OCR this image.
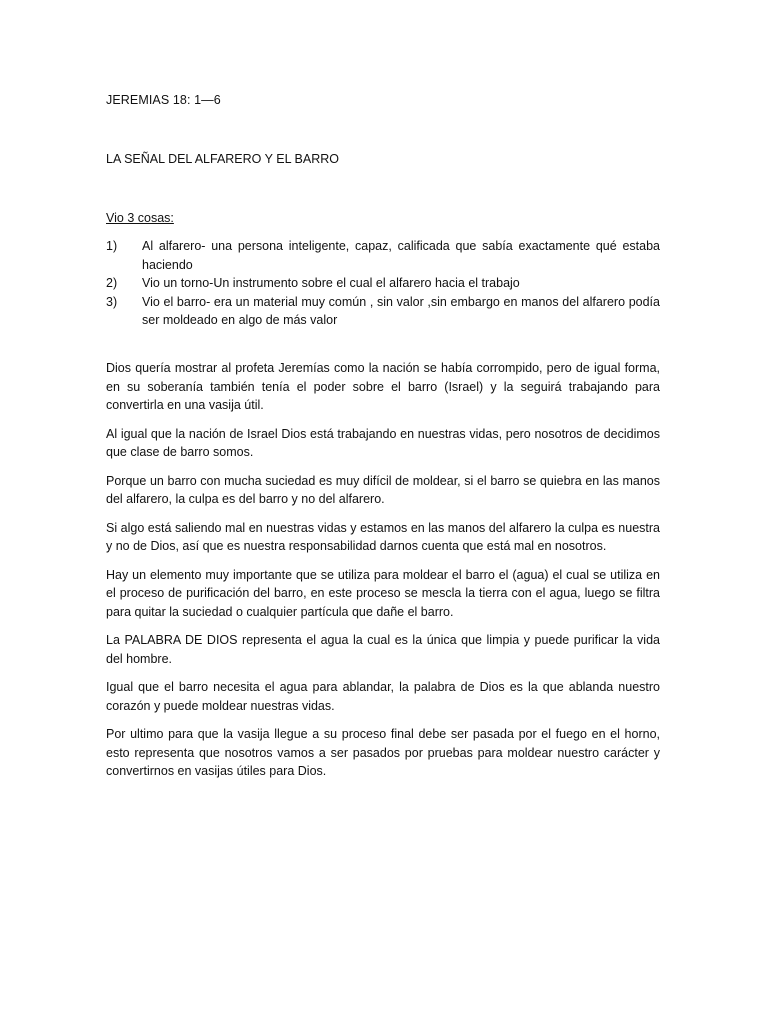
JEREMIAS 18: 1—6
LA SEÑAL DEL ALFARERO Y EL BARRO
Vio 3 cosas:
1)	Al alfarero- una persona inteligente, capaz, calificada que sabía exactamente qué estaba haciendo
2)	Vio un torno-Un instrumento sobre el cual el alfarero hacia el trabajo
3)	Vio el barro- era un material muy común , sin valor ,sin embargo en manos del alfarero podía ser moldeado en algo de más valor

Dios quería mostrar al profeta Jeremías como la nación se había corrompido, pero de igual forma, en su soberanía también tenía el poder sobre el barro (Israel) y la seguirá trabajando para convertirla en una vasija útil.

Al igual que la nación de Israel Dios está trabajando en nuestras vidas, pero nosotros de decidimos que clase de barro somos.

Porque un barro con mucha suciedad es muy difícil de moldear, si el barro se quiebra en las manos del alfarero, la culpa es del barro y no del alfarero.

Si algo está saliendo mal en nuestras vidas y estamos en las manos del alfarero la culpa es nuestra y no de Dios, así que es nuestra responsabilidad darnos cuenta que está mal en nosotros.

Hay un elemento muy importante que se utiliza para moldear el barro el (agua) el cual se utiliza en el proceso de purificación del barro, en este proceso se mescla la tierra con el agua, luego se filtra para quitar la suciedad o cualquier partícula que dañe el barro.

La PALABRA DE DIOS representa el agua la cual es la única que limpia y puede purificar la vida del hombre.

Igual que el barro necesita el agua para ablandar, la palabra de Dios es la que ablanda nuestro corazón y puede moldear nuestras vidas.

Por ultimo para que la vasija llegue a su proceso final debe ser pasada por el fuego en el horno, esto representa que nosotros vamos a ser pasados por pruebas para moldear nuestro carácter y convertirnos en vasijas útiles para Dios.
